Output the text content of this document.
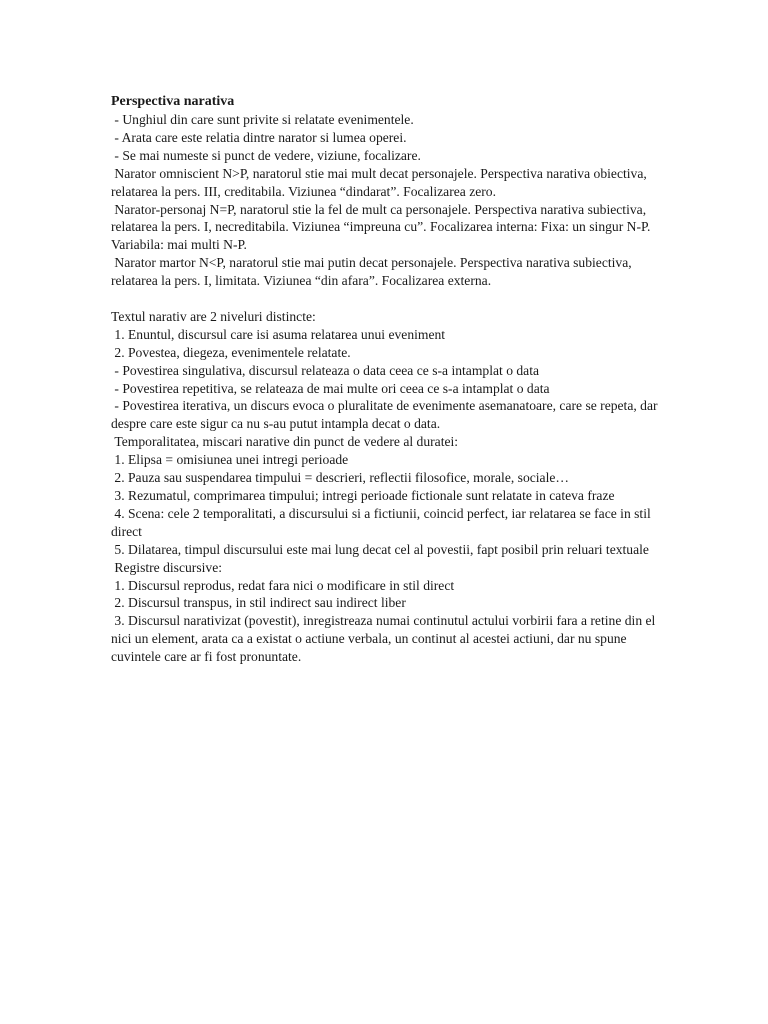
Perspectiva narativa

- Unghiul din care sunt privite si relatate evenimentele.

- Arata care este relatia dintre narator si lumea operei.

- Se mai numeste si punct de vedere, viziune, focalizare.

Narator omniscient N>P, naratorul stie mai mult decat personajele. Perspectiva narativa obiectiva, relatarea la pers. III, creditabila. Viziunea “dindarat”. Focalizarea zero.

Narator-personaj N=P, naratorul stie la fel de mult ca personajele. Perspectiva narativa subiectiva, relatarea la pers. I, necreditabila. Viziunea “impreuna cu”. Focalizarea interna: Fixa: un singur N-P. Variabila: mai multi N-P.

Narator martor N<P, naratorul stie mai putin decat personajele. Perspectiva narativa subiectiva, relatarea la pers. I, limitata. Viziunea “din afara”. Focalizarea externa.

Textul narativ are 2 niveluri distincte:

1. Enuntul, discursul care isi asuma relatarea unui eveniment

2. Povestea, diegeza, evenimentele relatate.

- Povestirea singulativa, discursul relateaza o data ceea ce s-a intamplat o data

- Povestirea repetitiva, se relateaza de mai multe ori ceea ce s-a intamplat o data

- Povestirea iterativa, un discurs evoca o pluralitate de evenimente asemanatoare, care se repeta, dar despre care este sigur ca nu s-au putut intampla decat o data.

Temporalitatea, miscari narative din punct de vedere al duratei:

1. Elipsa = omisiunea unei intregi perioade

2. Pauza sau suspendarea timpului = descrieri, reflectii filosofice, morale, sociale…

3. Rezumatul, comprimarea timpului; intregi perioade fictionale sunt relatate in cateva fraze

4. Scena: cele 2 temporalitati, a discursului si a fictiunii, coincid perfect, iar relatarea se face in stil direct

5. Dilatarea, timpul discursului este mai lung decat cel al povestii, fapt posibil prin reluari textuale

Registre discursive:

1. Discursul reprodus, redat fara nici o modificare in stil direct

2. Discursul transpus, in stil indirect sau indirect liber

3. Discursul narativizat (povestit), inregistreaza numai continutul actului vorbirii fara a retine din el nici un element, arata ca a existat o actiune verbala, un continut al acestei actiuni, dar nu spune cuvintele care ar fi fost pronuntate.
